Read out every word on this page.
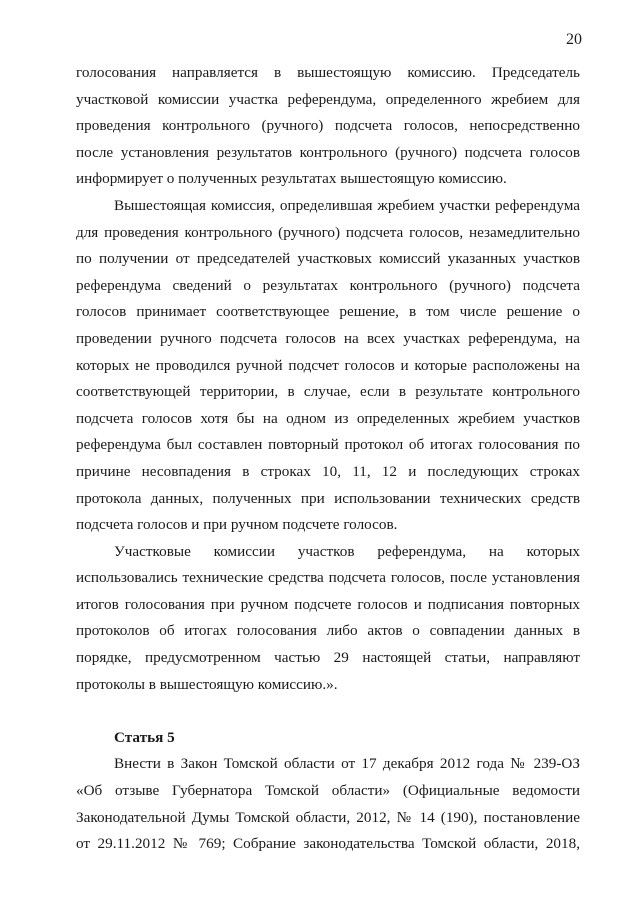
20

голосования направляется в вышестоящую комиссию. Председатель
участковой комиссии участка референдума, определенного жребием для
проведения контрольного (ручного) подсчета голосов, непосредственно
после установления результатов контрольного (ручного) подсчета голосов
информирует о полученных результатах вышестоящую комиссию.

Вышестоящая комиссия, определившая жребием участки референдума
для проведения контрольного (ручного) подсчета голосов, незамедлительно
по получении от председателей участковых комиссий указанных участков
референдума сведений о результатах контрольного (ручного) подсчета
голосов принимает соответствующее решение, в том числе решение о
проведении ручного подсчета голосов на всех участках референдума, на
которых не проводился ручной подсчет голосов и которые расположены на
соответствующей территории, в случае, если в результате контрольного
подсчета голосов хотя бы на одном из определенных жребием участков
референдума был составлен повторный протокол об итогах голосования по
причине несовпадения в строках 10, 11, 12 и последующих строках
протокола данных, полученных при использовании технических средств
подсчета голосов и при ручном подсчете голосов.

Участковые комиссии участков референдума, на которых
использовались технические средства подсчета голосов, после установления
итогов голосования при ручном подсчете голосов и подписания повторных
протоколов об итогах голосования либо актов о совпадении данных в
порядке, предусмотренном частью 29 настоящей статьи, направляют
протоколы в вышестоящую комиссию.».

Статья 5

Внести в Закон Томской области от 17 декабря 2012 года № 239-ОЗ
«Об отзыве Губернатора Томской области» (Официальные ведомости
Законодательной Думы Томской области, 2012, № 14 (190), постановление
от 29.11.2012 № 769; Собрание законодательства Томской области, 2018,
